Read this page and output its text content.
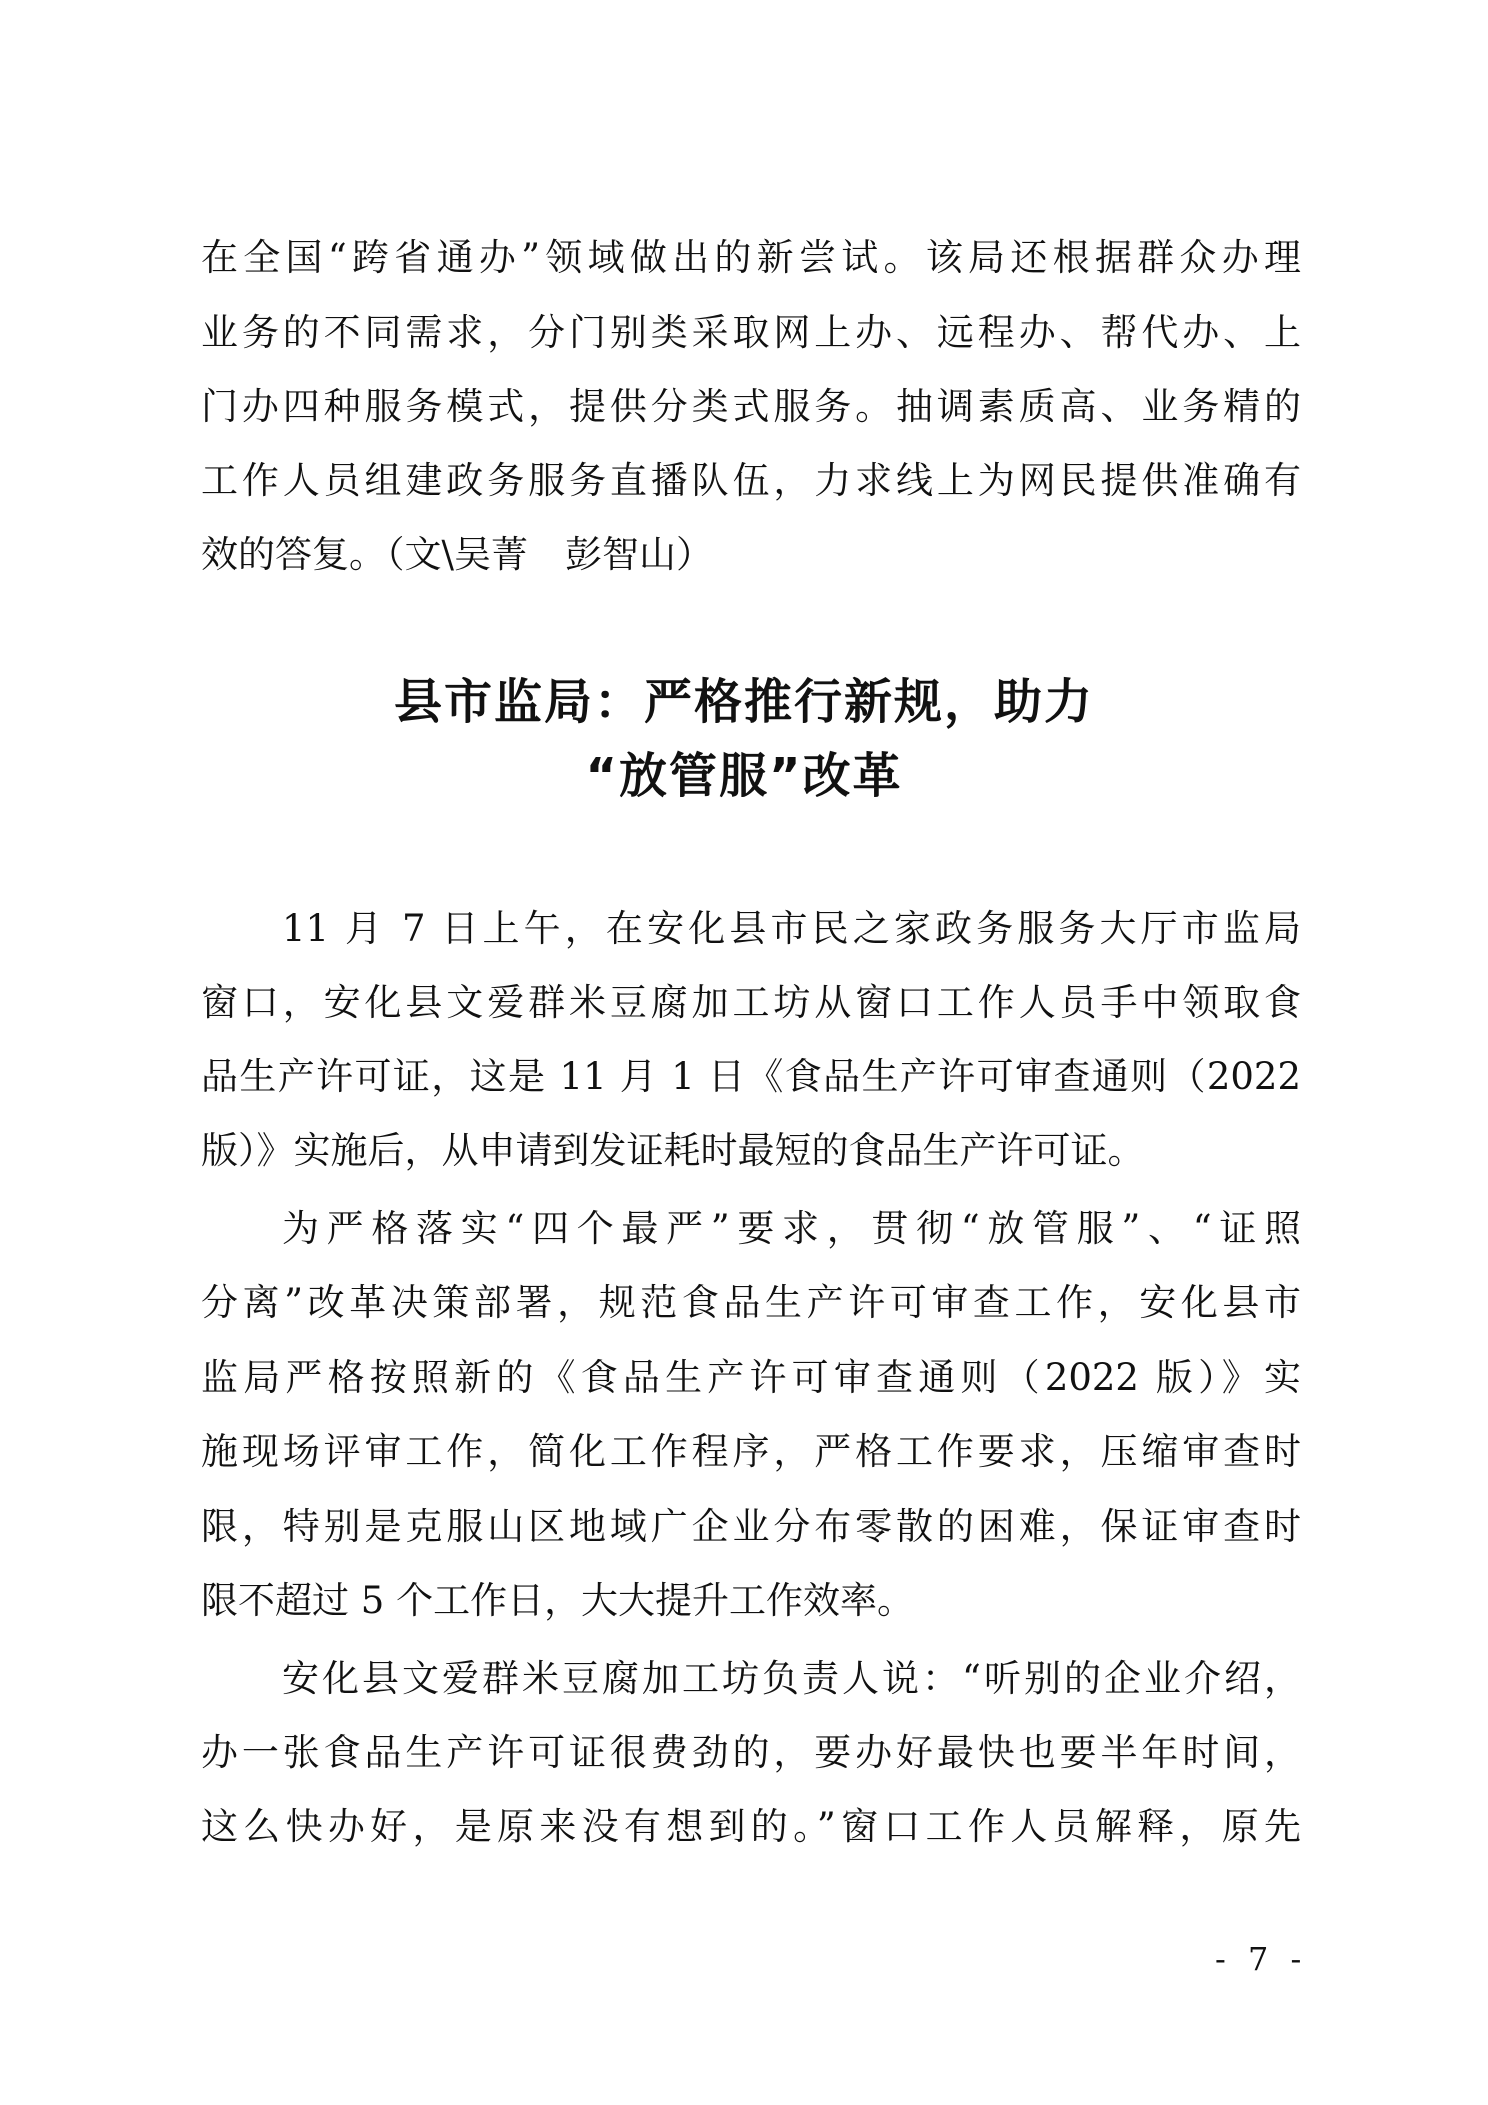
在全国“跨省通办”领域做出的新尝试。该局还根据群众办理
业务的不同需求，分门别类采取网上办、远程办、帮代办、上
门办四种服务模式，提供分类式服务。抽调素质高、业务精的
工作人员组建政务服务直播队伍，力求线上为网民提供准确有
效的答复。（文\吴菁　彭智山）
县市监局：严格推行新规，助力
“放管服”改革
11 月 7 日上午，在安化县市民之家政务服务大厅市监局
窗口，安化县文爱群米豆腐加工坊从窗口工作人员手中领取食
品生产许可证，这是 11 月 1 日《食品生产许可审查通则（2022
版）》实施后，从申请到发证耗时最短的食品生产许可证。
为严格落实“四个最严”要求，贯彻“放管服”、“证照
分离”改革决策部署，规范食品生产许可审查工作，安化县市
监局严格按照新的《食品生产许可审查通则（2022 版）》实
施现场评审工作，简化工作程序，严格工作要求，压缩审查时
限，特别是克服山区地域广企业分布零散的困难，保证审查时
限不超过 5 个工作日，大大提升工作效率。
安化县文爱群米豆腐加工坊负责人说：“听别的企业介绍，
办一张食品生产许可证很费劲的，要办好最快也要半年时间，
这么快办好，是原来没有想到的。”窗口工作人员解释，原先
- 7 -
